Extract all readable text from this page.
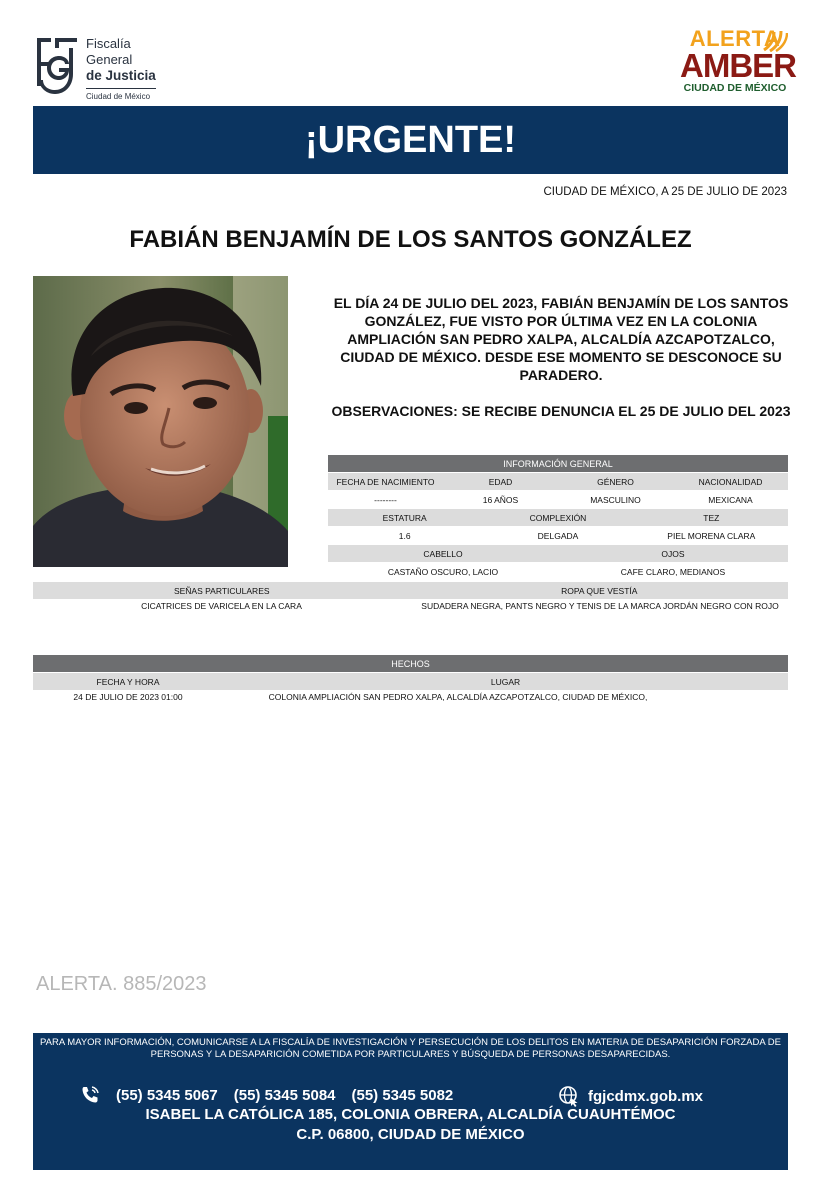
Fiscalía
General
de Justicia
Ciudad de México
ALERTA
AMBER
CIUDAD DE MÉXICO
¡URGENTE!
CIUDAD DE MÉXICO, A 25 DE JULIO DE 2023
FABIÁN BENJAMÍN DE LOS SANTOS GONZÁLEZ
EL DÍA 24 DE JULIO DEL 2023, FABIÁN BENJAMÍN DE LOS SANTOS GONZÁLEZ, FUE VISTO POR ÚLTIMA VEZ EN LA COLONIA AMPLIACIÓN SAN PEDRO XALPA, ALCALDÍA AZCAPOTZALCO, CIUDAD DE MÉXICO. DESDE ESE MOMENTO SE DESCONOCE SU PARADERO.
OBSERVACIONES: SE RECIBE DENUNCIA EL 25 DE JULIO DEL 2023
INFORMACIÓN GENERAL
FECHA DE NACIMIENTO	EDAD	GÉNERO	NACIONALIDAD
--------	16 AÑOS	MASCULINO	MEXICANA
ESTATURA	COMPLEXIÓN	TEZ
1.6	DELGADA	PIEL MORENA CLARA
CABELLO	OJOS
CASTAÑO OSCURO, LACIO	CAFE CLARO, MEDIANOS
SEÑAS PARTICULARES	ROPA QUE VESTÍA
CICATRICES DE VARICELA EN LA CARA	SUDADERA NEGRA, PANTS NEGRO Y TENIS DE LA MARCA JORDÁN NEGRO CON ROJO
HECHOS
FECHA Y HORA	LUGAR
24 DE JULIO DE 2023 01:00	COLONIA AMPLIACIÓN SAN PEDRO XALPA, ALCALDÍA AZCAPOTZALCO, CIUDAD DE MÉXICO,
ALERTA. 885/2023
PARA MAYOR INFORMACIÓN, COMUNICARSE A LA FISCALÍA DE INVESTIGACIÓN Y PERSECUCIÓN DE LOS DELITOS EN MATERIA DE DESAPARICIÓN FORZADA DE PERSONAS Y LA DESAPARICIÓN COMETIDA POR PARTICULARES Y BÚSQUEDA DE PERSONAS DESAPARECIDAS.
(55) 5345 5067 (55) 5345 5084 (55) 5345 5082	fgjcdmx.gob.mx
ISABEL LA CATÓLICA 185, COLONIA OBRERA, ALCALDÍA CUAUHTÉMOC
C.P. 06800, CIUDAD DE MÉXICO
